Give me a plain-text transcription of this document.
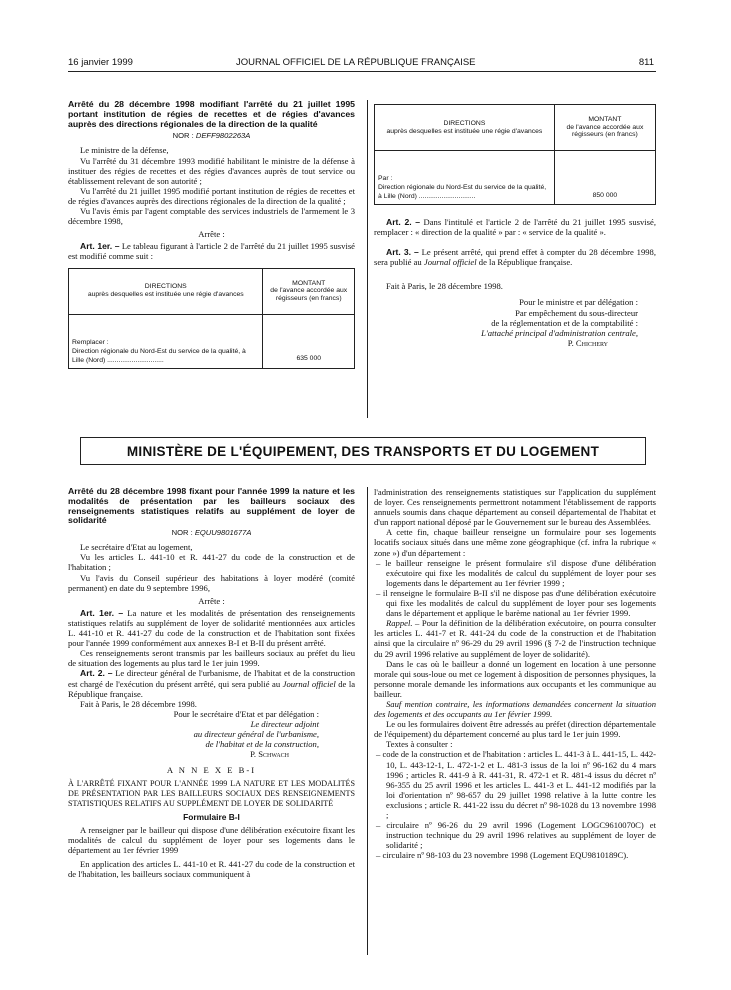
16 janvier 1999	JOURNAL OFFICIEL DE LA RÉPUBLIQUE FRANÇAISE	811
Arrêté du 28 décembre 1998 modifiant l'arrêté du 21 juillet 1995 portant institution de régies de recettes et de régies d'avances auprès des directions régionales de la direction de la qualité
NOR : DEFF9802263A

Le ministre de la défense,

Vu l'arrêté du 31 décembre 1993 modifié habilitant le ministre de la défense à instituer des régies de recettes et des régies d'avances auprès de tout service ou établissement relevant de son autorité ;

Vu l'arrêté du 21 juillet 1995 modifié portant institution de régies de recettes et de régies d'avances auprès des directions régionales de la direction de la qualité ;

Vu l'avis émis par l'agent comptable des services industriels de l'armement le 3 décembre 1998,

Arrête :

Art. 1er. – Le tableau figurant à l'article 2 de l'arrêté du 21 juillet 1995 susvisé est modifié comme suit :

DIRECTIONS
auprès desquelles est instituée une régie d'avances	MONTANT
de l'avance accordée aux régisseurs (en francs)
Remplacer :
Direction régionale du Nord-Est du service de la qualité, à Lille (Nord) ..............................	635 000
DIRECTIONS
auprès desquelles est instituée une régie d'avances	MONTANT
de l'avance accordée aux régisseurs (en francs)
Par :
Direction régionale du Nord-Est du service de la qualité, à Lille (Nord) ..............................	850 000

Art. 2. – Dans l'intitulé et l'article 2 de l'arrêté du 21 juillet 1995 susvisé, remplacer : « direction de la qualité » par : « service de la qualité ».

Art. 3. – Le présent arrêté, qui prend effet à compter du 28 décembre 1998, sera publié au Journal officiel de la République française.

Fait à Paris, le 28 décembre 1998.

Pour le ministre et par délégation :
Par empêchement du sous-directeur
de la réglementation et de la comptabilité :
L'attaché principal d'administration centrale,
P. Chichery
MINISTÈRE DE L'ÉQUIPEMENT, DES TRANSPORTS ET DU LOGEMENT
Arrêté du 28 décembre 1998 fixant pour l'année 1999 la nature et les modalités de présentation par les bailleurs sociaux des renseignements statistiques relatifs au supplément de loyer de solidarité
NOR : EQUU9801677A

Le secrétaire d'Etat au logement,

Vu les articles L. 441-10 et R. 441-27 du code de la construction et de l'habitation ;

Vu l'avis du Conseil supérieur des habitations à loyer modéré (comité permanent) en date du 9 septembre 1996,

Arrête :

Art. 1er. – La nature et les modalités de présentation des renseignements statistiques relatifs au supplément de loyer de solidarité mentionnées aux articles L. 441-10 et R. 441-27 du code de la construction et de l'habitation sont fixées pour l'année 1999 conformément aux annexes B-I et B-II du présent arrêté.

Ces renseignements seront transmis par les bailleurs sociaux au préfet du lieu de situation des logements au plus tard le 1er juin 1999.

Art. 2. – Le directeur général de l'urbanisme, de l'habitat et de la construction est chargé de l'exécution du présent arrêté, qui sera publié au Journal officiel de la République française.

Fait à Paris, le 28 décembre 1998.

Pour le secrétaire d'Etat et par délégation :
Le directeur adjoint
au directeur général de l'urbanisme,
de l'habitat et de la construction,
P. Schwach
A N N E X E B-I
À L'ARRÊTÉ FIXANT POUR L'ANNÉE 1999 LA NATURE ET LES MODALITÉS DE PRÉSENTATION PAR LES BAILLEURS SOCIAUX DES RENSEIGNEMENTS STATISTIQUES RELATIFS AU SUPPLÉMENT DE LOYER DE SOLIDARITÉ
Formulaire B-I

A renseigner par le bailleur qui dispose d'une délibération exécutoire fixant les modalités de calcul du supplément de loyer pour ses logements dans le département au 1er février 1999

En application des articles L. 441-10 et R. 441-27 du code de la construction et de l'habitation, les bailleurs sociaux communiquent à

l'administration des renseignements statistiques sur l'application du supplément de loyer. Ces renseignements permettront notamment l'établissement de rapports annuels soumis dans chaque département au conseil départemental de l'habitat et d'un rapport national déposé par le Gouvernement sur le bureau des Assemblées.

A cette fin, chaque bailleur renseigne un formulaire pour ses logements locatifs sociaux situés dans une même zone géographique (cf. infra la rubrique « zone ») d'un département :

– le bailleur renseigne le présent formulaire s'il dispose d'une délibération exécutoire qui fixe les modalités de calcul du supplément de loyer pour ses logements dans le département au 1er février 1999 ;

– il renseigne le formulaire B-II s'il ne dispose pas d'une délibération exécutoire qui fixe les modalités de calcul du supplément de loyer pour ses logements dans le département et applique le barème national au 1er février 1999.

Rappel. – Pour la définition de la délibération exécutoire, on pourra consulter les articles L. 441-7 et R. 441-24 du code de la construction et de l'habitation ainsi que la circulaire nº 96-29 du 29 avril 1996 (§ 7-2 de l'instruction technique du 29 avril 1996 relative au supplément de loyer de solidarité).

Dans le cas où le bailleur a donné un logement en location à une personne morale qui sous-loue ou met ce logement à disposition de personnes physiques, la personne morale demande les informations aux occupants et les communique au bailleur.

Sauf mention contraire, les informations demandées concernent la situation des logements et des occupants au 1er février 1999.

Le ou les formulaires doivent être adressés au préfet (direction départementale de l'équipement) du département concerné au plus tard le 1er juin 1999.

Textes à consulter :

– code de la construction et de l'habitation : articles L. 441-3 à L. 441-15, L. 442-10, L. 443-12-1, L. 472-1-2 et L. 481-3 issus de la loi nº 96-162 du 4 mars 1996 ; articles R. 441-9 à R. 441-31, R. 472-1 et R. 481-4 issus du décret nº 96-355 du 25 avril 1996 et les articles L. 441-3 et L. 441-12 modifiés par la loi d'orientation nº 98-657 du 29 juillet 1998 relative à la lutte contre les exclusions ; article R. 441-22 issu du décret nº 98-1028 du 13 novembre 1998 ;

– circulaire nº 96-26 du 29 avril 1996 (Logement LOGC9610070C) et instruction technique du 29 avril 1996 relatives au supplément de loyer de solidarité ;

– circulaire nº 98-103 du 23 novembre 1998 (Logement EQU9810189C).
